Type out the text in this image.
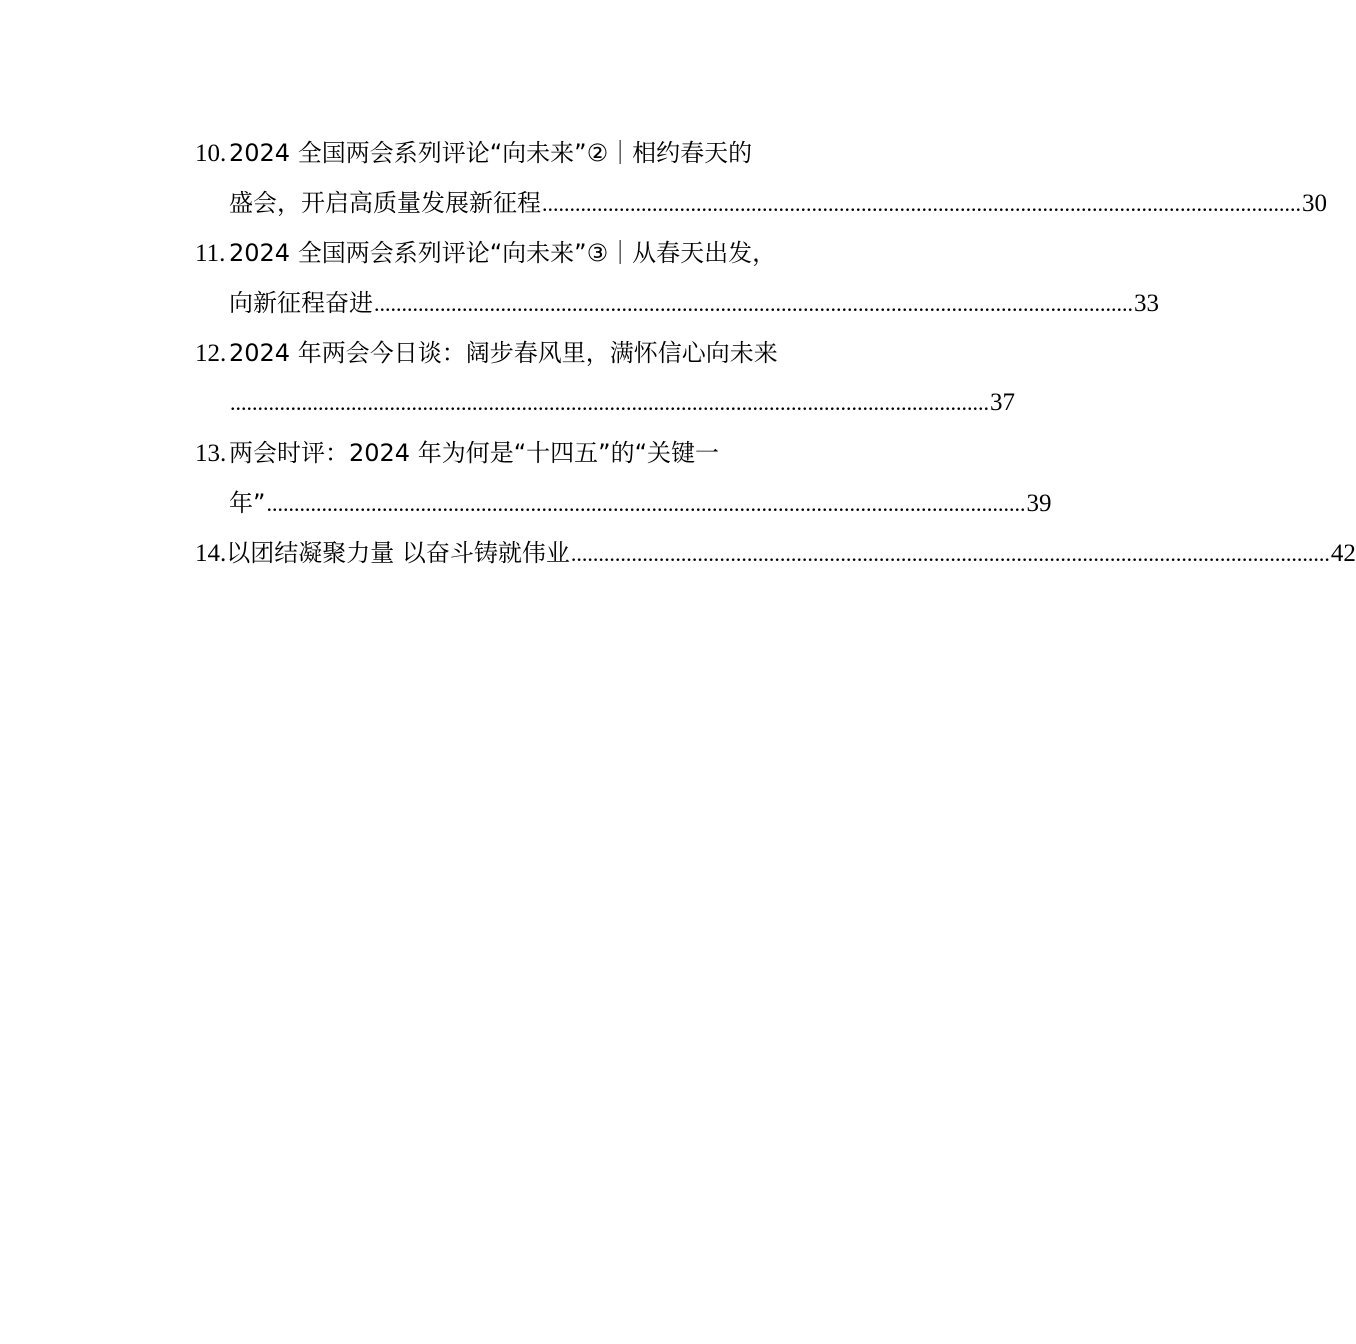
10. 2024 全国两会系列评论“向未来”②｜相约春天的
盛会，开启高质量发展新征程 .......................................................................................................................................... 30
11. 2024 全国两会系列评论“向未来”③｜从春天出发，
向新征程奋进 .......................................................................................................................................... 33
12. 2024 年两会今日谈：阔步春风里，满怀信心向未来
.......................................................................................................................................... 37
13. 两会时评：2024 年为何是“十四五”的“关键一
年” .......................................................................................................................................... 39
14. 以团结凝聚力量 以奋斗铸就伟业 .......................................................................................................................................... 42
